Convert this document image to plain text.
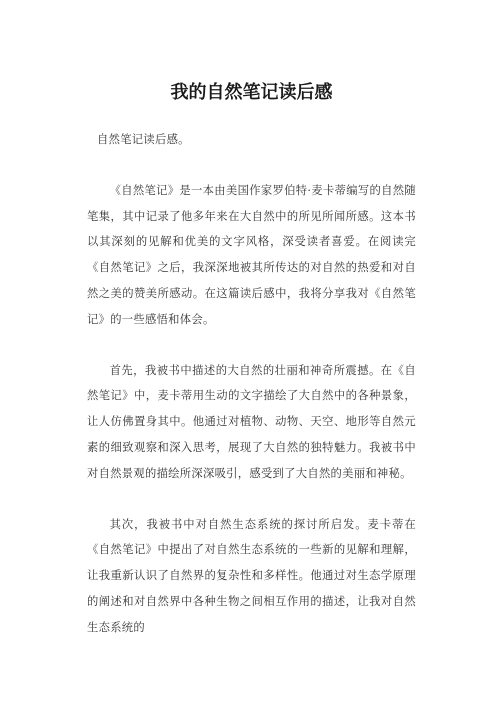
我的自然笔记读后感

自然笔记读后感。

《自然笔记》是一本由美国作家罗伯特·麦卡蒂编写的自然随笔集，其中记录了他多年来在大自然中的所见所闻所感。这本书以其深刻的见解和优美的文字风格，深受读者喜爱。在阅读完《自然笔记》之后，我深深地被其所传达的对自然的热爱和对自然之美的赞美所感动。在这篇读后感中，我将分享我对《自然笔记》的一些感悟和体会。

首先，我被书中描述的大自然的壮丽和神奇所震撼。在《自然笔记》中，麦卡蒂用生动的文字描绘了大自然中的各种景象，让人仿佛置身其中。他通过对植物、动物、天空、地形等自然元素的细致观察和深入思考，展现了大自然的独特魅力。我被书中对自然景观的描绘所深深吸引，感受到了大自然的美丽和神秘。

其次，我被书中对自然生态系统的探讨所启发。麦卡蒂在《自然笔记》中提出了对自然生态系统的一些新的见解和理解，让我重新认识了自然界的复杂性和多样性。他通过对生态学原理的阐述和对自然界中各种生物之间相互作用的描述，让我对自然生态系统的
